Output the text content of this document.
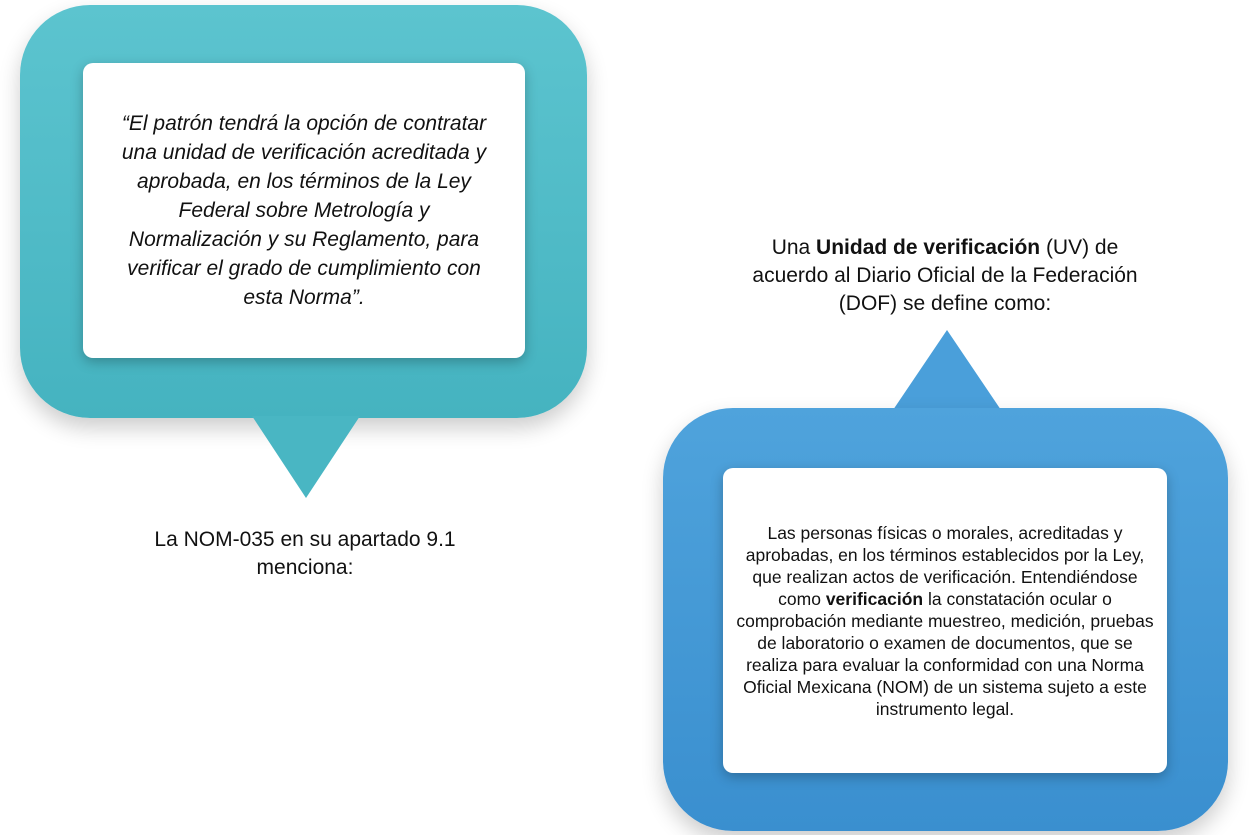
“El patrón tendrá la opción de contratar una unidad de verificación acreditada y aprobada, en los términos de la Ley Federal sobre Metrología y Normalización y su Reglamento, para verificar el grado de cumplimiento con esta Norma”.

La NOM-035 en su apartado 9.1 menciona:
Una Unidad de verificación (UV) de acuerdo al Diario Oficial de la Federación (DOF) se define como:

Las personas físicas o morales, acreditadas y aprobadas, en los términos establecidos por la Ley, que realizan actos de verificación. Entendiéndose como verificación la constatación ocular o comprobación mediante muestreo, medición, pruebas de laboratorio o examen de documentos, que se realiza para evaluar la conformidad con una Norma Oficial Mexicana (NOM) de un sistema sujeto a este instrumento legal.
